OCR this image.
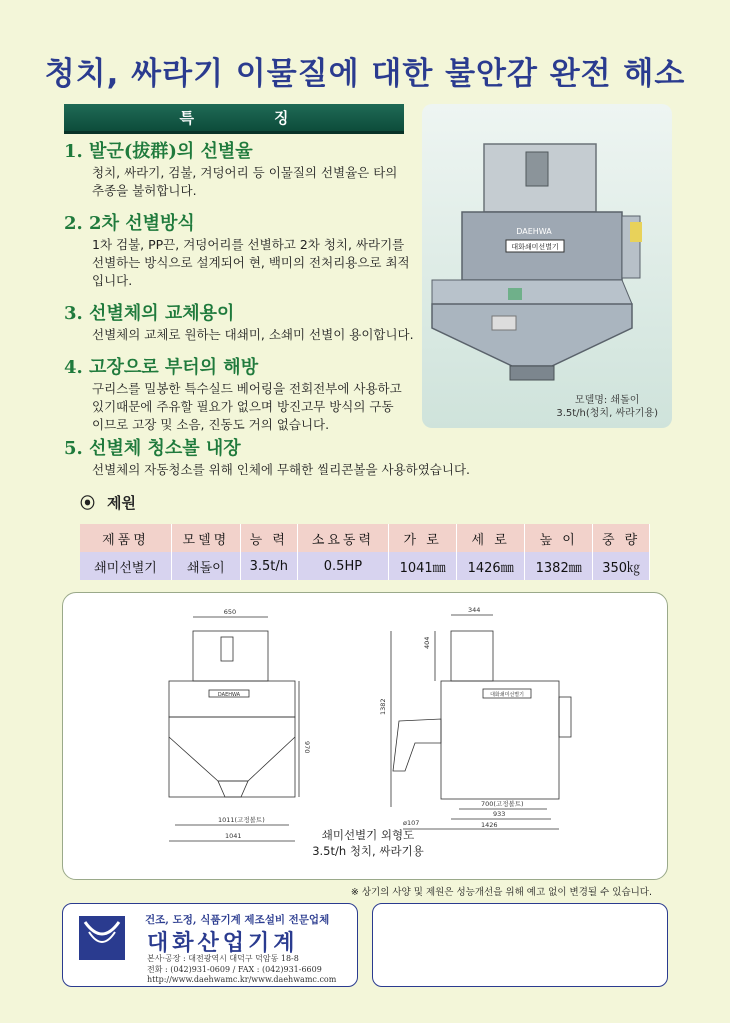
청치, 싸라기 이물질에 대한 불안감 완전 해소
특징
1. 발군(拔群)의 선별율

청치, 싸라기, 검불, 겨덩어리 등 이물질의 선별율은 타의
추종을 불허합니다.

2. 2차 선별방식

1차 검불, PP끈, 겨덩어리를 선별하고 2차 청치, 싸라기를
선별하는 방식으로 설계되어 현, 백미의 전처리용으로 최적
입니다.

3. 선별체의 교체용이

선별체의 교체로 원하는 대쇄미, 소쇄미 선별이 용이합니다.

4. 고장으로 부터의 해방

구리스를 밀봉한 특수실드 베어링을 전회전부에 사용하고
있기때문에 주유할 필요가 없으며 방진고무 방식의 구동
이므로 고장 및 소음, 진동도 거의 없습니다.

5. 선별체 청소볼 내장

선별체의 자동청소를 위해 인체에 무해한 씰리콘볼을 사용하였습니다.

DAEHWA
대화쇄미선별기
모델명: 쇄돌이
3.5t/h(청치, 싸라기용)
⦿ 제원
제품명	모델명	능 력	소요동력	가 로	세 로	높 이	중 량
쇄미선별기	쇄돌이	3.5t/h	0.5HP	1041㎜	1426㎜	1382㎜	350㎏
650
DAEHWA
970
1011(고정볼트)
1041
344
404
대화쇄미선별기
1382
700(고정볼트)
933
1426
ø107
쇄미선별기 외형도
3.5t/h 청치, 싸라기용
※ 상기의 사양 및 제원은 성능개선을 위해 예고 없이 변경될 수 있습니다.
건조, 도정, 식품기계 제조설비 전문업체
대화산업기계
본사·공장 : 대전광역시 대덕구 덕암동 18-8
전화 : (042)931-0609 / FAX : (042)931-6609
http://www.daehwamc.kr/www.daehwamc.com
